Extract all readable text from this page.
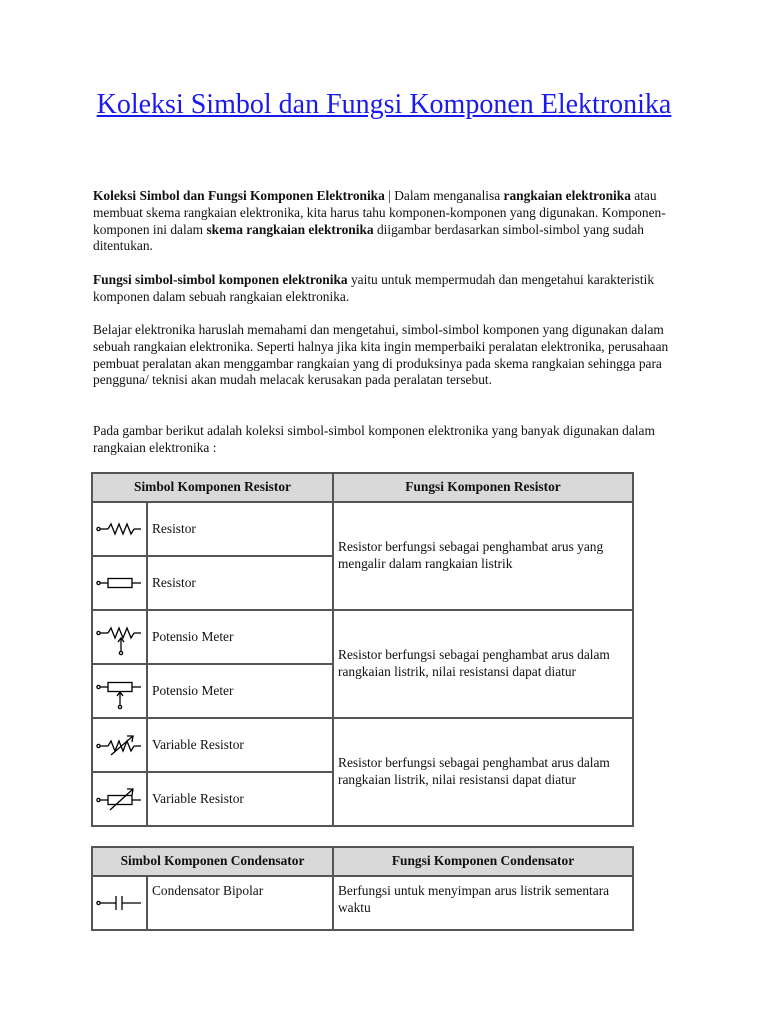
Koleksi Simbol dan Fungsi Komponen Elektronika

Koleksi Simbol dan Fungsi Komponen Elektronika | Dalam menganalisa rangkaian elektronika atau membuat skema rangkaian elektronika, kita harus tahu komponen-komponen yang digunakan. Komponen-komponen ini dalam skema rangkaian elektronika diigambar berdasarkan simbol-simbol yang sudah ditentukan.

Fungsi simbol-simbol komponen elektronika yaitu untuk mempermudah dan mengetahui karakteristik komponen dalam sebuah rangkaian elektronika.

Belajar elektronika haruslah memahami dan mengetahui, simbol-simbol komponen yang digunakan dalam sebuah rangkaian elektronika. Seperti halnya jika kita ingin memperbaiki peralatan elektronika, perusahaan pembuat peralatan akan menggambar rangkaian yang di produksinya pada skema rangkaian sehingga para pengguna/ teknisi akan mudah melacak kerusakan pada peralatan tersebut.

Pada gambar berikut adalah koleksi simbol-simbol komponen elektronika yang banyak digunakan dalam rangkaian elektronika :

Simbol Komponen Resistor		Fungsi Komponen Resistor

Resistor	Resistor berfungsi sebagai penghambat arus yang mengalir dalam rangkaian listrik

Resistor	

Potensio Meter	Resistor berfungsi sebagai penghambat arus dalam rangkaian listrik, nilai resistansi dapat diatur

Potensio Meter	

Variable Resistor	Resistor berfungsi sebagai penghambat arus dalam rangkaian listrik, nilai resistansi dapat diatur

Variable Resistor	
Simbol Komponen Condensator		Fungsi Komponen Condensator

Condensator Bipolar	Berfungsi untuk menyimpan arus listrik sementara waktu
